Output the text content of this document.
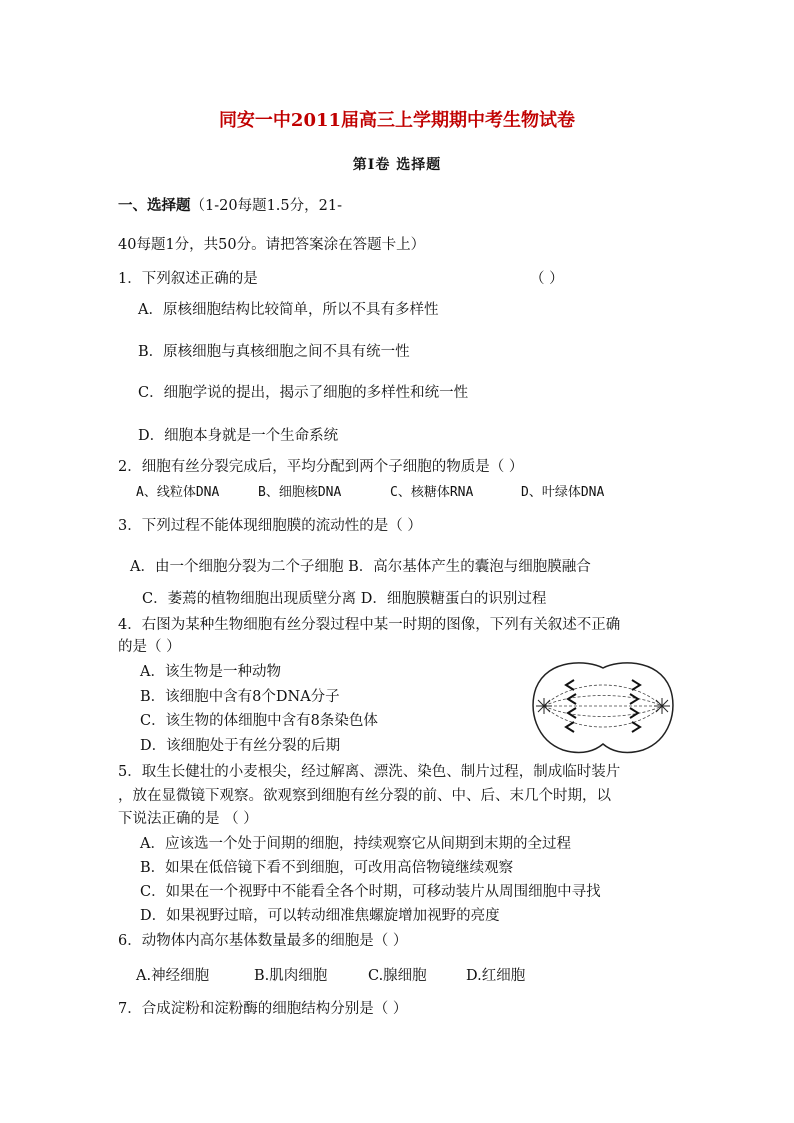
同安一中2011届高三上学期期中考生物试卷
第Ⅰ卷 选择题
一、选择题（1-20每题1.5分，21-
40每题1分，共50分。请把答案涂在答题卡上）
1．下列叙述正确的是	（ ）
A．原核细胞结构比较简单，所以不具有多样性
B．原核细胞与真核细胞之间不具有统一性
C．细胞学说的提出，揭示了细胞的多样性和统一性
D．细胞本身就是一个生命系统
2．细胞有丝分裂完成后，平均分配到两个子细胞的物质是（ ）
A、线粒体DNA	B、细胞核DNA	C、核糖体RNA	D、叶绿体DNA
3．下列过程不能体现细胞膜的流动性的是（ ）
A．由一个细胞分裂为二个子细胞 B．高尔基体产生的囊泡与细胞膜融合
C．萎蔫的植物细胞出现质壁分离 D．细胞膜糖蛋白的识别过程
4．右图为某种生物细胞有丝分裂过程中某一时期的图像，下列有关叙述不正确
的是（ ）
A．该生物是一种动物
B．该细胞中含有8个DNA分子
C．该生物的体细胞中含有8条染色体
D．该细胞处于有丝分裂的后期
5．取生长健壮的小麦根尖，经过解离、漂洗、染色、制片过程，制成临时装片
，放在显微镜下观察。欲观察到细胞有丝分裂的前、中、后、末几个时期，以
下说法正确的是 （ ）
A．应该选一个处于间期的细胞，持续观察它从间期到末期的全过程
B．如果在低倍镜下看不到细胞，可改用高倍物镜继续观察
C．如果在一个视野中不能看全各个时期，可移动装片从周围细胞中寻找
D．如果视野过暗，可以转动细准焦螺旋增加视野的亮度
6．动物体内高尔基体数量最多的细胞是（ ）
A.神经细胞	B.肌肉细胞	C.腺细胞	D.红细胞
7．合成淀粉和淀粉酶的细胞结构分别是（ ）
